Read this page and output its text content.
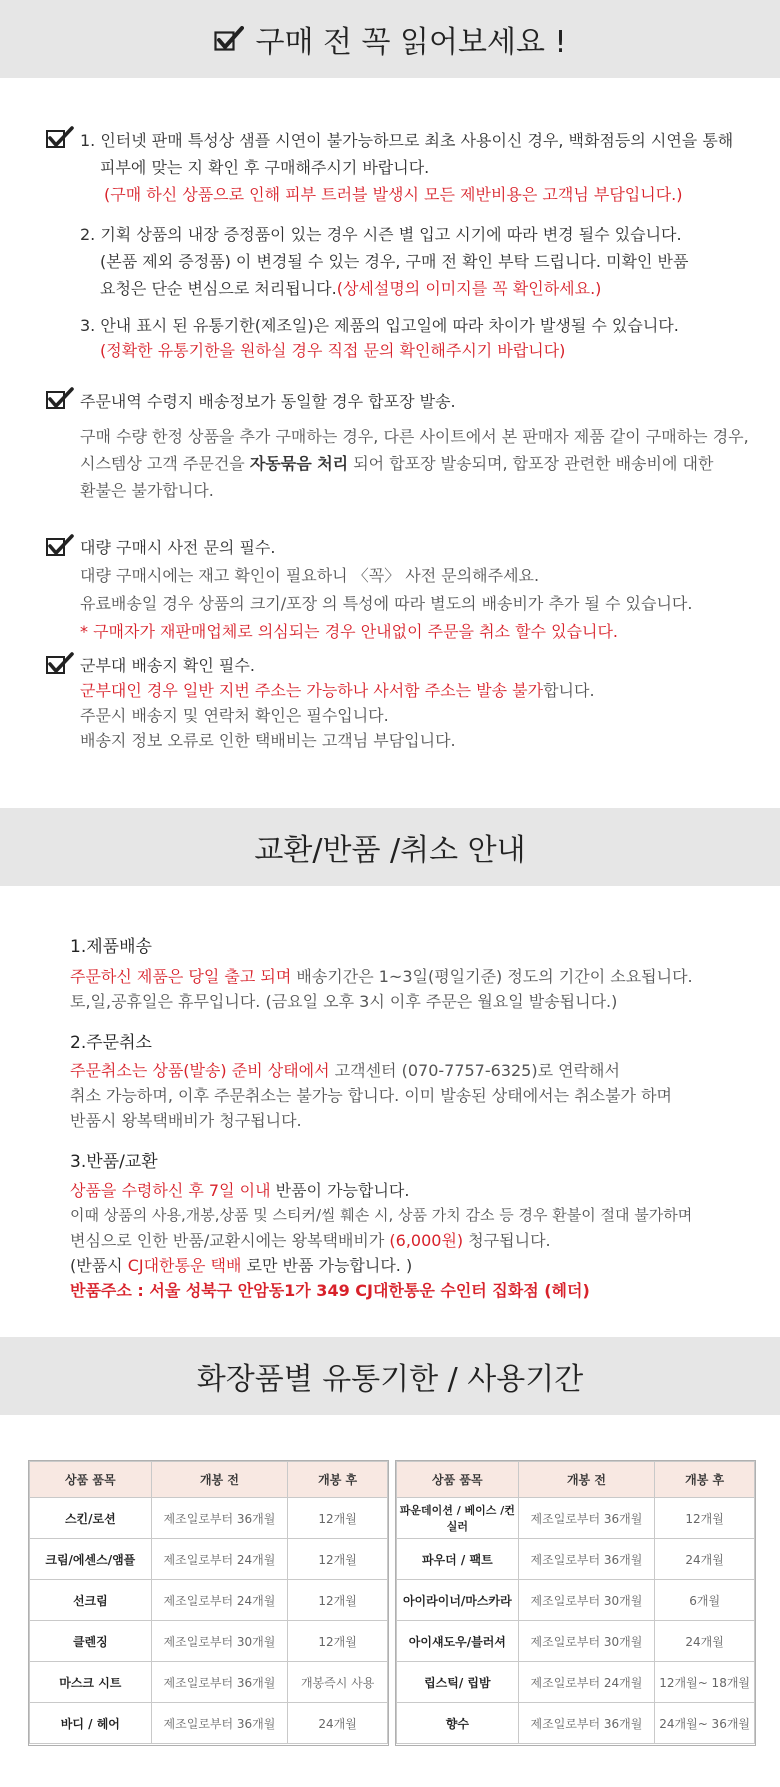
구매 전 꼭 읽어보세요 !
1. 인터넷 판매 특성상 샘플 시연이 불가능하므로 최초 사용이신 경우, 백화점등의 시연을 통해
피부에 맞는 지 확인 후 구매해주시기 바랍니다.
(구매 하신 상품으로 인해 피부 트러블 발생시 모든 제반비용은 고객님 부담입니다.)
2. 기획 상품의 내장 증정품이 있는 경우 시즌 별 입고 시기에 따라 변경 될수 있습니다.
(본품 제외 증정품) 이 변경될 수 있는 경우, 구매 전 확인 부탁 드립니다. 미확인 반품
요청은 단순 변심으로 처리됩니다.(상세설명의 이미지를 꼭 확인하세요.)
3. 안내 표시 된 유통기한(제조일)은 제품의 입고일에 따라 차이가 발생될 수 있습니다.
(정확한 유통기한을 원하실 경우 직접 문의 확인해주시기 바랍니다)
주문내역 수령지 배송정보가 동일할 경우 합포장 발송.
구매 수량 한정 상품을 추가 구매하는 경우, 다른 사이트에서 본 판매자 제품 같이 구매하는 경우,
시스템상 고객 주문건을 자동묶음 처리 되어 합포장 발송되며, 합포장 관련한 배송비에 대한
환불은 불가합니다.
대량 구매시 사전 문의 필수.
대량 구매시에는 재고 확인이 필요하니 〈꼭〉 사전 문의해주세요.
유료배송일 경우 상품의 크기/포장 의 특성에 따라 별도의 배송비가 추가 될 수 있습니다.
* 구매자가 재판매업체로 의심되는 경우 안내없이 주문을 취소 할수 있습니다.
군부대 배송지 확인 필수.
군부대인 경우 일반 지번 주소는 가능하나 사서함 주소는 발송 불가합니다.
주문시 배송지 및 연락처 확인은 필수입니다.
배송지 정보 오류로 인한 택배비는 고객님 부담입니다.
교환/반품 /취소 안내
1.제품배송
주문하신 제품은 당일 출고 되며 배송기간은 1~3일(평일기준) 정도의 기간이 소요됩니다.
토,일,공휴일은 휴무입니다. (금요일 오후 3시 이후 주문은 월요일 발송됩니다.)
2.주문취소
주문취소는 상품(발송) 준비 상태에서 고객센터 (070-7757-6325)로 연락해서
취소 가능하며, 이후 주문취소는 불가능 합니다. 이미 발송된 상태에서는 취소불가 하며
반품시 왕복택배비가 청구됩니다.
3.반품/교환
상품을 수령하신 후 7일 이내 반품이 가능합니다.
이때 상품의 사용,개봉,상품 및 스티커/씰 훼손 시, 상품 가치 감소 등 경우 환불이 절대 불가하며
변심으로 인한 반품/교환시에는 왕복택배비가 (6,000원) 청구됩니다.
(반품시 CJ대한통운 택배 로만 반품 가능합니다. )
반품주소 : 서울 성북구 안암동1가 349 CJ대한통운 수인터 집화점 (헤더)
화장품별 유통기한 / 사용기간
상품 품목	개봉 전	개봉 후
스킨/로션	제조일로부터 36개월	12개월
크림/에센스/앰플	제조일로부터 24개월	12개월
선크림	제조일로부터 24개월	12개월
클렌징	제조일로부터 30개월	12개월
마스크 시트	제조일로부터 36개월	개봉즉시 사용
바디 / 헤어	제조일로부터 36개월	24개월
상품 품목	개봉 전	개봉 후
파운데이션 / 베이스 /컨실러	제조일로부터 36개월	12개월
파우더 / 팩트	제조일로부터 36개월	24개월
아이라이너/마스카라	제조일로부터 30개월	6개월
아이섀도우/블러셔	제조일로부터 30개월	24개월
립스틱/ 립밤	제조일로부터 24개월	12개월~ 18개월
향수	제조일로부터 36개월	24개월~ 36개월
